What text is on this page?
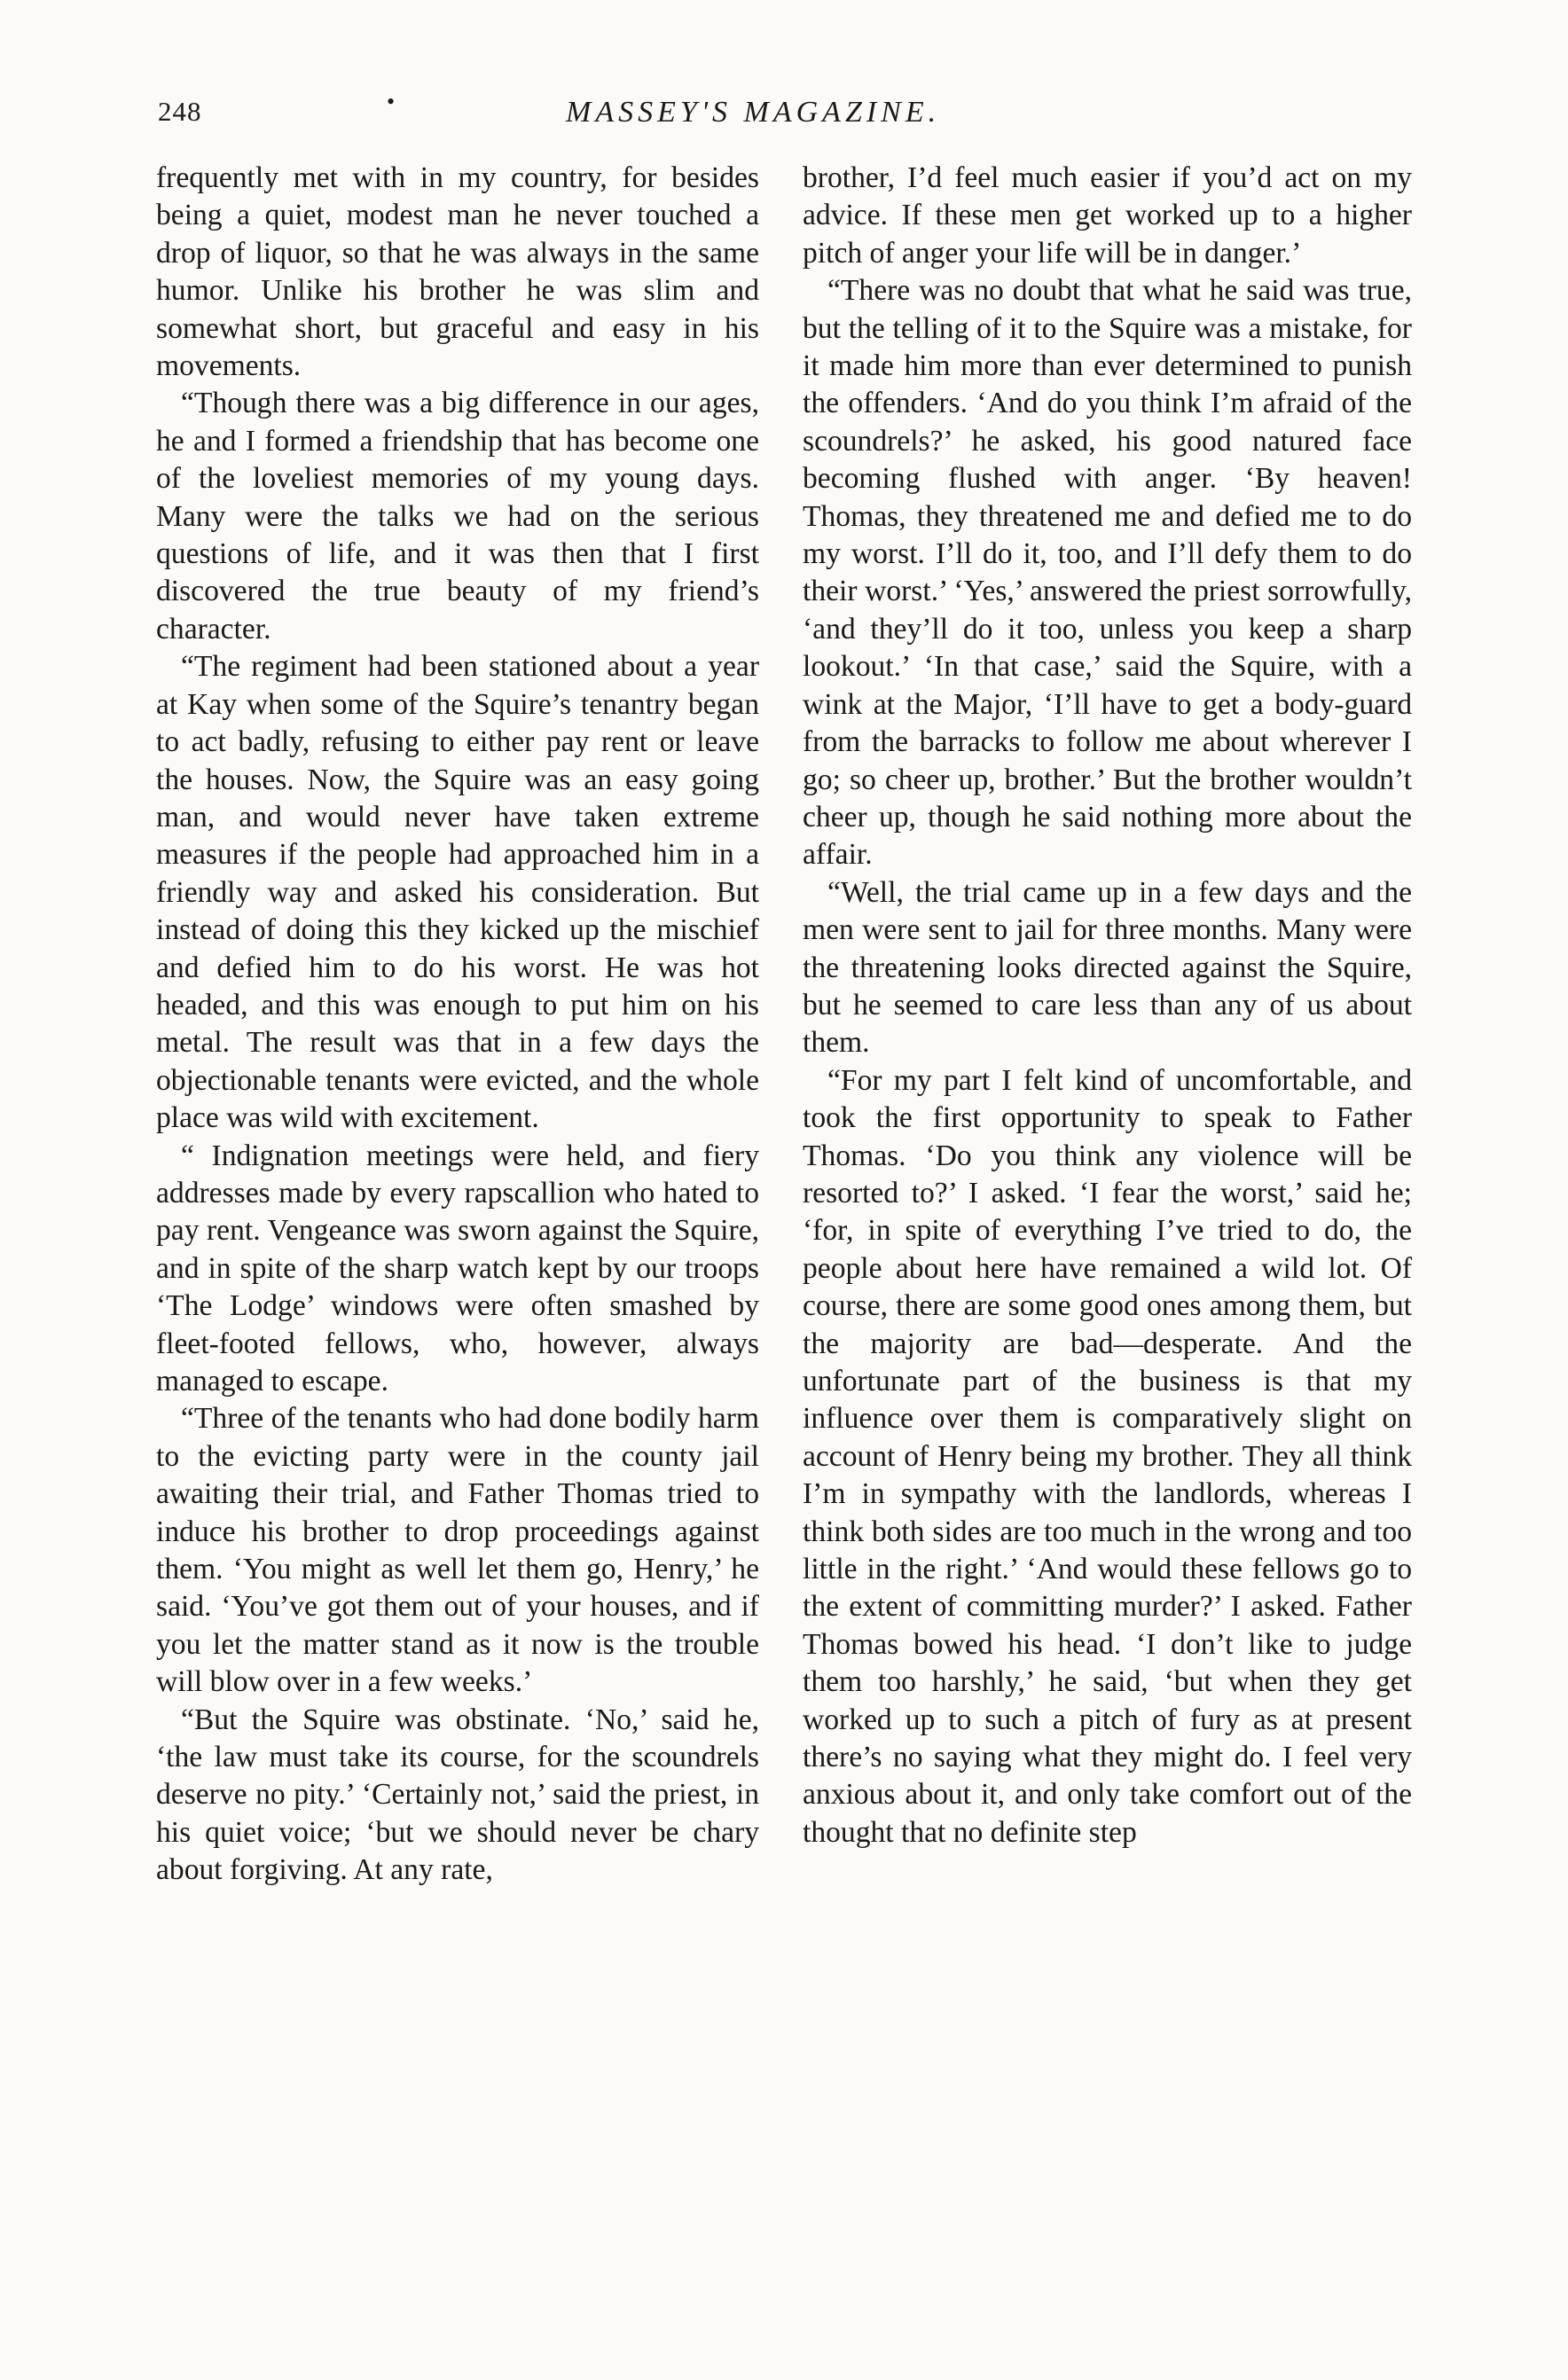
248	•	MASSEY'S MAGAZINE.

frequently met with in my country, for besides being a quiet, modest man he never touched a drop of liquor, so that he was always in the same humor. Unlike his brother he was slim and somewhat short, but graceful and easy in his movements.

“Though there was a big difference in our ages, he and I formed a friendship that has become one of the loveliest memories of my young days. Many were the talks we had on the serious questions of life, and it was then that I first discovered the true beauty of my friend’s character.

“The regiment had been stationed about a year at Kay when some of the Squire’s tenantry began to act badly, refusing to either pay rent or leave the houses. Now, the Squire was an easy going man, and would never have taken extreme measures if the people had approached him in a friendly way and asked his consideration. But instead of doing this they kicked up the mischief and defied him to do his worst. He was hot headed, and this was enough to put him on his metal. The result was that in a few days the objectionable tenants were evicted, and the whole place was wild with excitement.

“ Indignation meetings were held, and fiery addresses made by every rapscallion who hated to pay rent. Vengeance was sworn against the Squire, and in spite of the sharp watch kept by our troops ‘The Lodge’ windows were often smashed by fleet-footed fellows, who, however, always managed to escape.

“Three of the tenants who had done bodily harm to the evicting party were in the county jail awaiting their trial, and Father Thomas tried to induce his brother to drop proceedings against them. ‘You might as well let them go, Henry,’ he said. ‘You’ve got them out of your houses, and if you let the matter stand as it now is the trouble will blow over in a few weeks.’

“But the Squire was obstinate. ‘No,’ said he, ‘the law must take its course, for the scoundrels deserve no pity.’ ‘Certainly not,’ said the priest, in his quiet voice; ‘but we should never be chary about forgiving. At any rate,

brother, I’d feel much easier if you’d act on my advice. If these men get worked up to a higher pitch of anger your life will be in danger.’

“There was no doubt that what he said was true, but the telling of it to the Squire was a mistake, for it made him more than ever determined to punish the offenders. ‘And do you think I’m afraid of the scoundrels?’ he asked, his good natured face becoming flushed with anger. ‘By heaven! Thomas, they threatened me and defied me to do my worst. I’ll do it, too, and I’ll defy them to do their worst.’ ‘Yes,’ answered the priest sorrowfully, ‘and they’ll do it too, unless you keep a sharp lookout.’ ‘In that case,’ said the Squire, with a wink at the Major, ‘I’ll have to get a body-guard from the barracks to follow me about wherever I go; so cheer up, brother.’ But the brother wouldn’t cheer up, though he said nothing more about the affair.

“Well, the trial came up in a few days and the men were sent to jail for three months. Many were the threatening looks directed against the Squire, but he seemed to care less than any of us about them.

“For my part I felt kind of uncomfortable, and took the first opportunity to speak to Father Thomas. ‘Do you think any violence will be resorted to?’ I asked. ‘I fear the worst,’ said he; ‘for, in spite of everything I’ve tried to do, the people about here have remained a wild lot. Of course, there are some good ones among them, but the majority are bad—desperate. And the unfortunate part of the business is that my influence over them is comparatively slight on account of Henry being my brother. They all think I’m in sympathy with the landlords, whereas I think both sides are too much in the wrong and too little in the right.’ ‘And would these fellows go to the extent of committing murder?’ I asked. Father Thomas bowed his head. ‘I don’t like to judge them too harshly,’ he said, ‘but when they get worked up to such a pitch of fury as at present there’s no saying what they might do. I feel very anxious about it, and only take comfort out of the thought that no definite step
